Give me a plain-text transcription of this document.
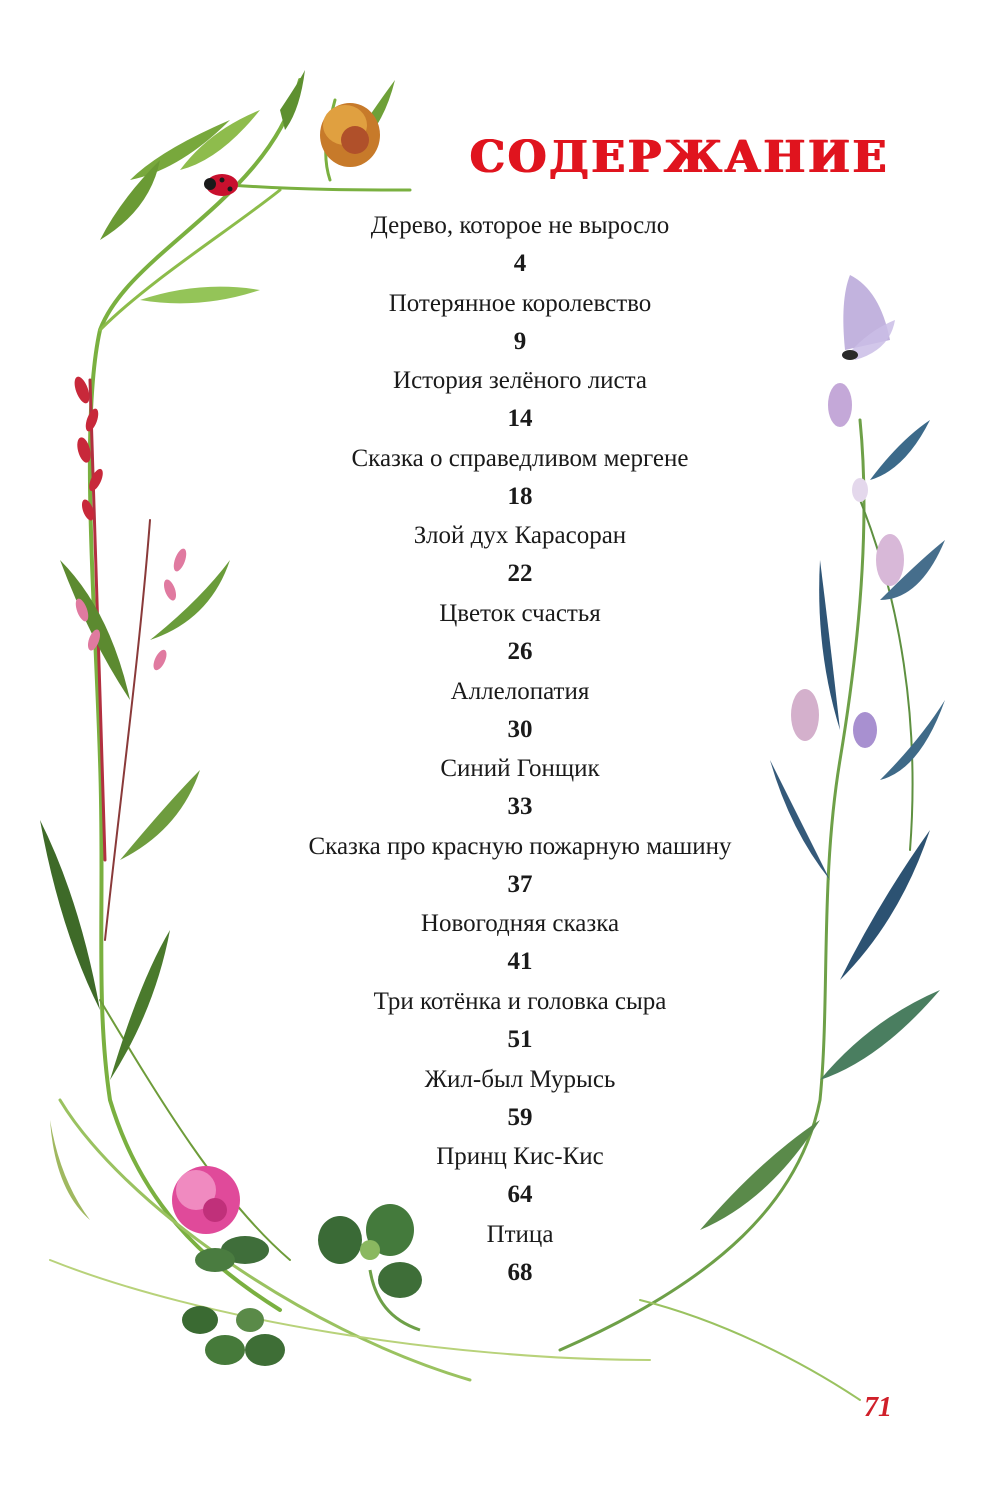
СОДЕРЖАНИЕ
Дерево, которое не выросло
4
Потерянное королевство
9
История зелёного листа
14
Сказка о справедливом мергене
18
Злой дух Карасоран
22
Цветок счастья
26
Аллелопатия
30
Синий Гонщик
33
Сказка про красную пожарную машину
37
Новогодняя сказка
41
Три котёнка и головка сыра
51
Жил-был Мурысь
59
Принц Кис-Кис
64
Птица
68
71
